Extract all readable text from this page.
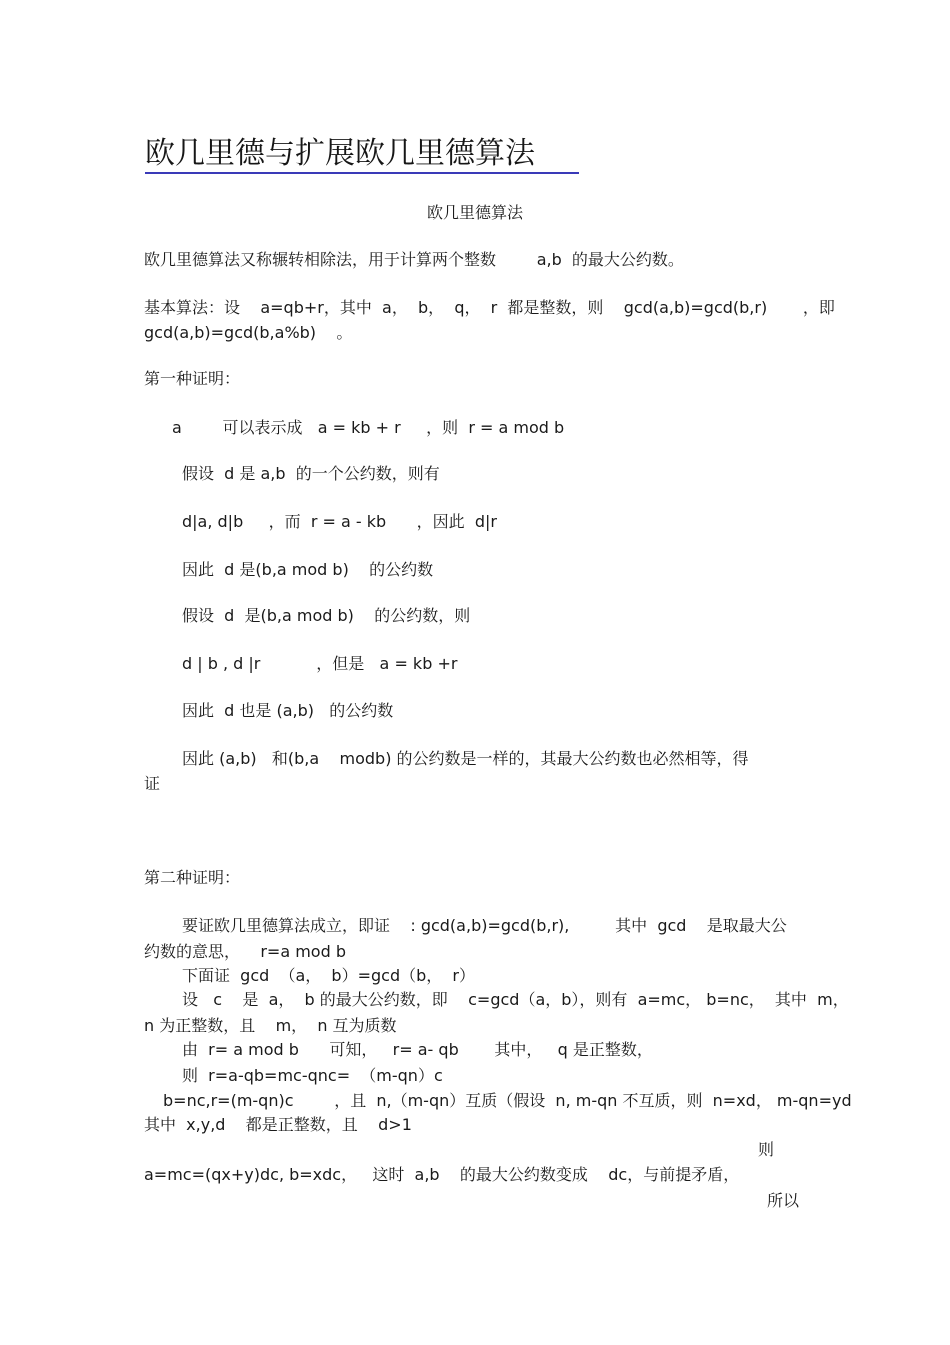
欧几里德与扩展欧几里德算法
欧几里德算法
欧几里德算法又称辗转相除法，用于计算两个整数        a,b  的最大公约数。
基本算法：设    a=qb+r，其中  a，  b，  q，  r  都是整数，则    gcd(a,b)=gcd(b,r)       ，即
gcd(a,b)=gcd(b,a%b)    。
第一种证明：
a        可以表示成   a = kb + r     ，则  r = a mod b
假设  d 是 a,b  的一个公约数，则有
d|a, d|b     ，而  r = a - kb      ，因此  d|r
因此  d 是(b,a mod b)    的公约数
假设  d  是(b,a mod b)    的公约数，则
d | b , d |r           ，但是   a = kb +r
因此  d 也是 (a,b)   的公约数
因此 (a,b)   和(b,a    modb) 的公约数是一样的，其最大公约数也必然相等，得
证
第二种证明：
要证欧几里德算法成立，即证    : gcd(a,b)=gcd(b,r),         其中  gcd    是取最大公
约数的意思，    r=a mod b
下面证  gcd  （a，  b）=gcd（b，  r）
设   c    是  a，  b 的最大公约数，即    c=gcd（a，b），则有  a=mc， b=nc，  其中  m，
n 为正整数，且    m，  n 互为质数
由  r= a mod b      可知，   r= a- qb       其中，   q 是正整数，
则  r=a-qb=mc-qnc=  （m-qn）c
b=nc,r=(m-qn)c        ，且  n,（m-qn）互质（假设  n, m-qn 不互质，则  n=xd， m-qn=yd
其中  x,y,d    都是正整数，且    d>1
则
a=mc=(qx+y)dc, b=xdc，   这时  a,b    的最大公约数变成    dc，与前提矛盾，
所以
